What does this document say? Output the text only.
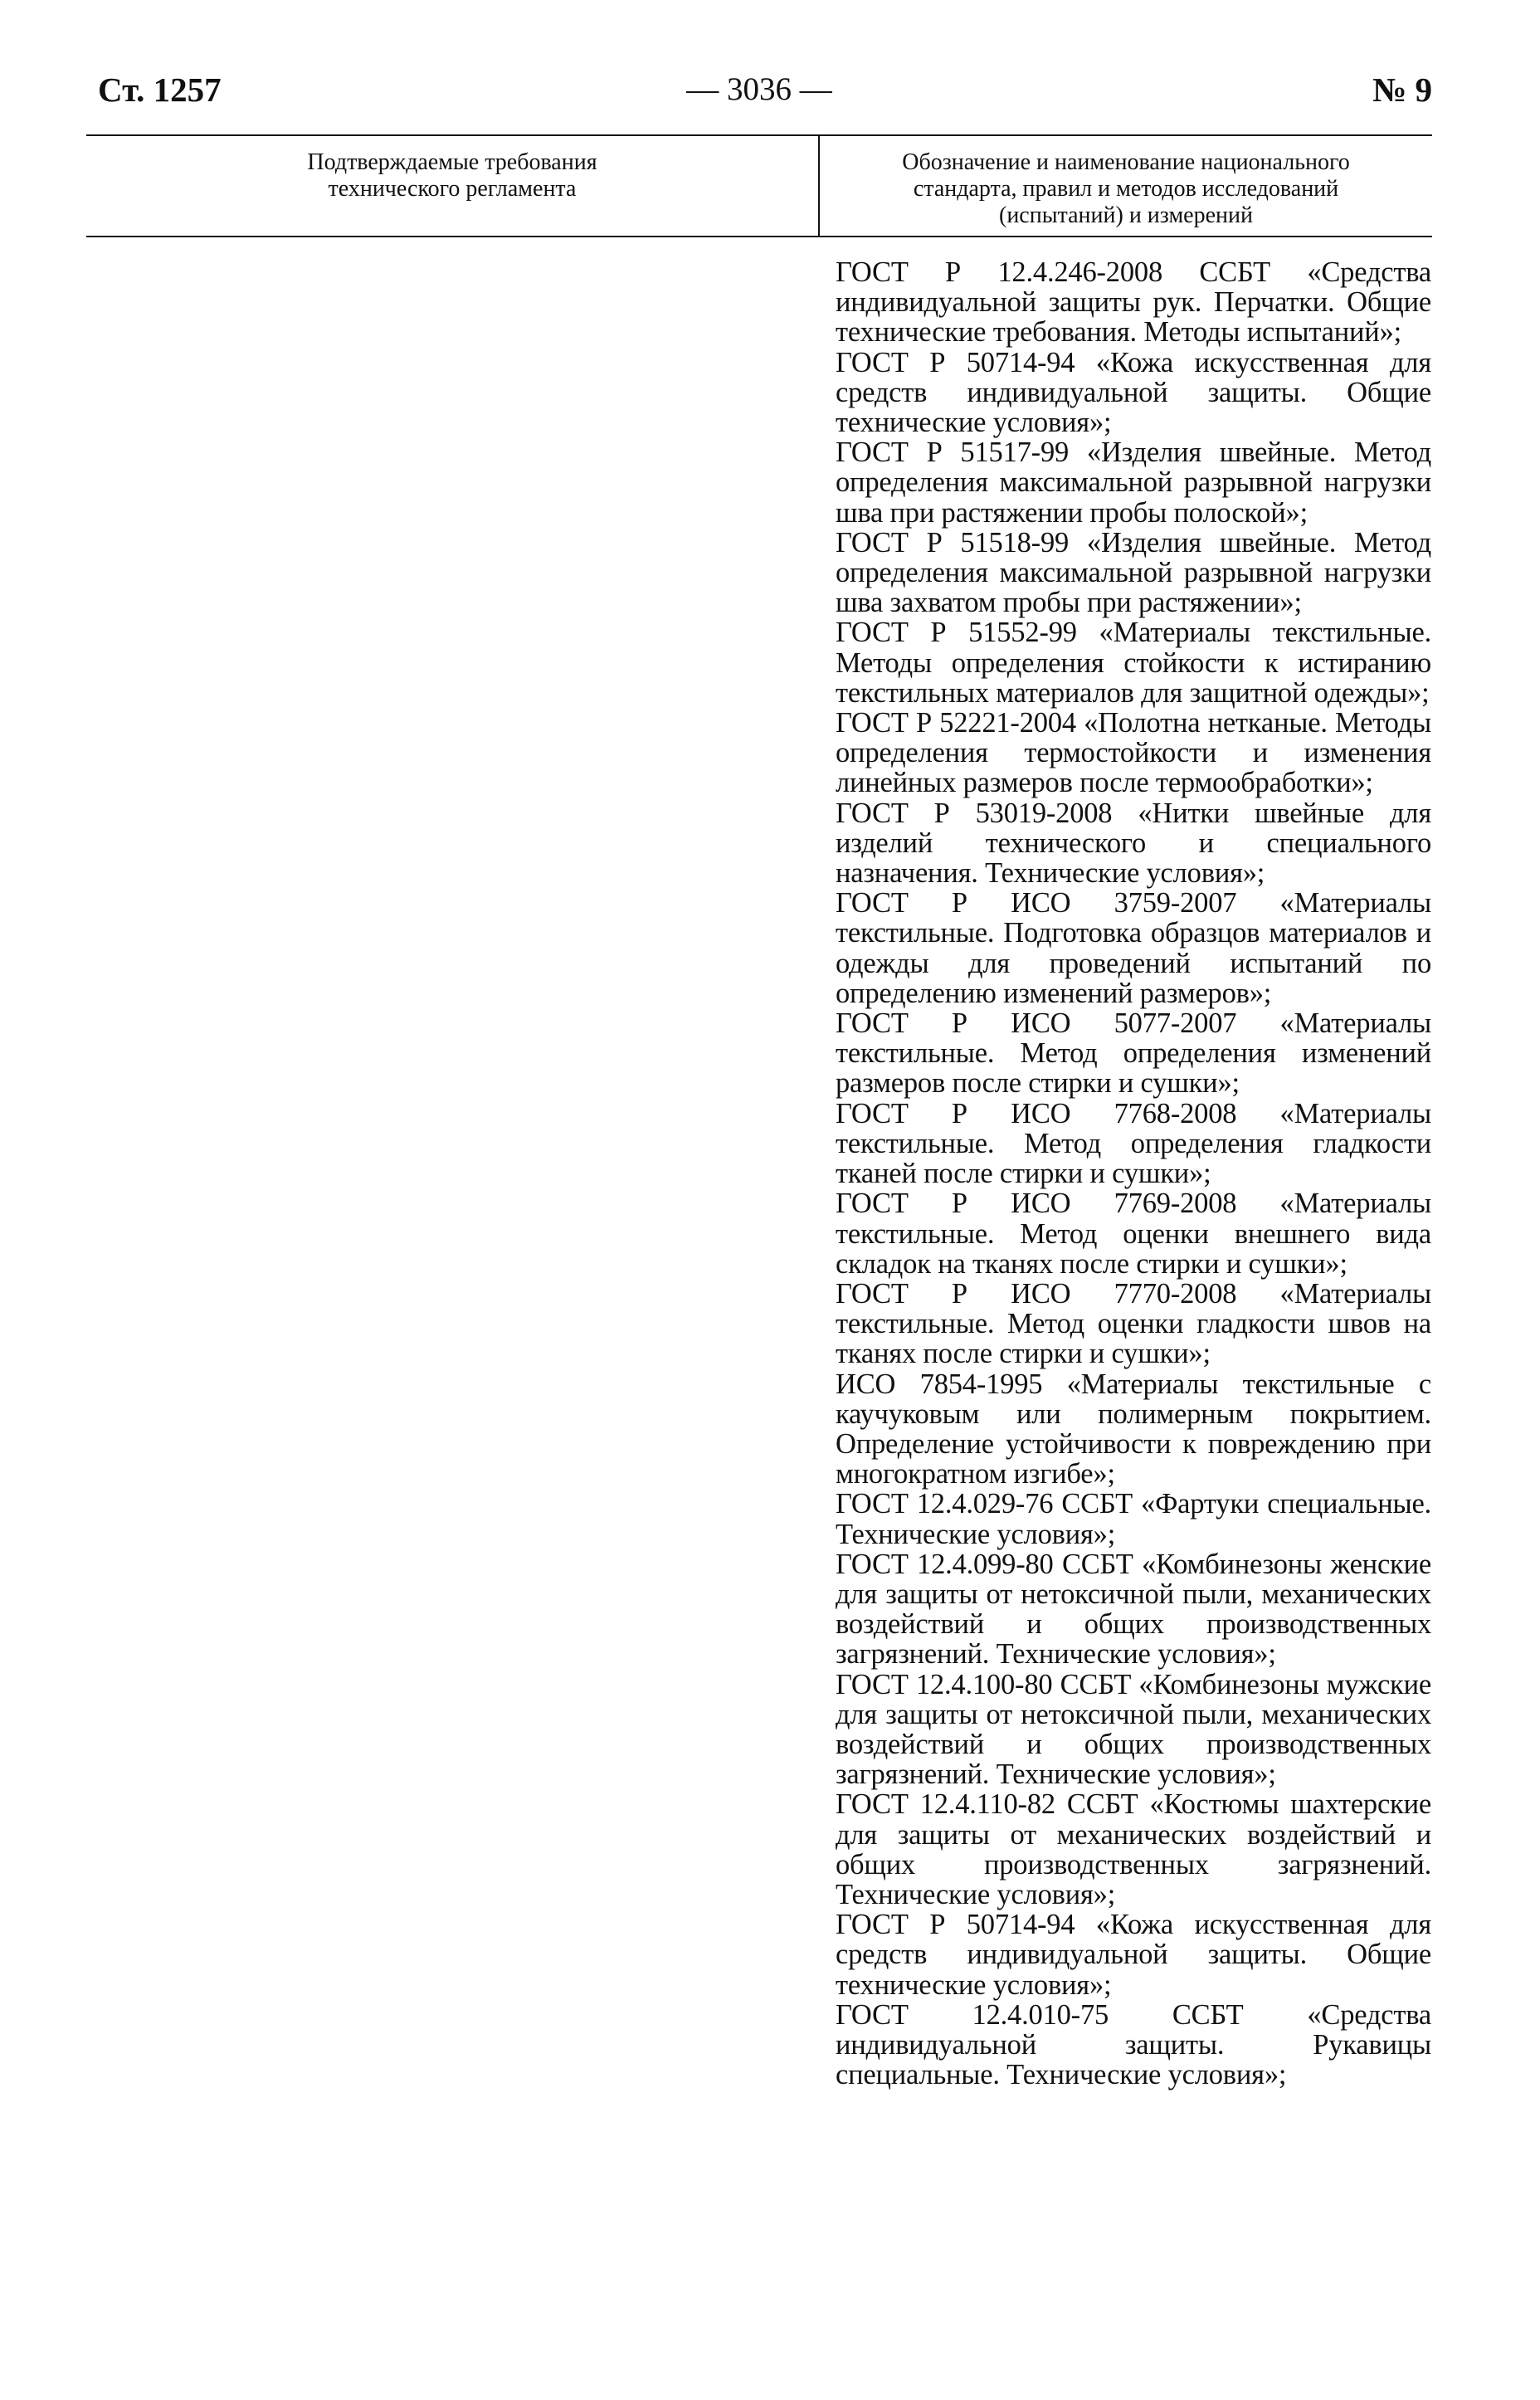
Ст. 1257	— 3036 —	№ 9
Подтверждаемые требования
технического регламента
Обозначение и наименование национального
стандарта, правил и методов исследований
(испытаний) и измерений
ГОСТ Р 12.4.246-2008 ССБТ «Средства индивидуальной защиты рук. Перчатки. Общие технические требования. Методы испытаний»;
ГОСТ Р 50714-94 «Кожа искусственная для средств индивидуальной защиты. Общие технические условия»;
ГОСТ Р 51517-99 «Изделия швейные. Метод определения максимальной разрывной нагрузки шва при растяжении пробы полоской»;
ГОСТ Р 51518-99 «Изделия швейные. Метод определения максимальной разрывной нагрузки шва захватом пробы при растяжении»;
ГОСТ Р 51552-99 «Материалы текстильные. Методы определения стойкости к истиранию текстильных материалов для защитной одежды»;
ГОСТ Р 52221-2004 «Полотна нетканые. Методы определения термостойкости и изменения линейных размеров после термообработки»;
ГОСТ Р 53019-2008 «Нитки швейные для изделий технического и специального назначения. Технические условия»;
ГОСТ Р ИСО 3759-2007 «Материалы текстильные. Подготовка образцов материалов и одежды для проведений испытаний по определению изменений размеров»;
ГОСТ Р ИСО 5077-2007 «Материалы текстильные. Метод определения изменений размеров после стирки и сушки»;
ГОСТ Р ИСО 7768-2008 «Материалы текстильные. Метод определения гладкости тканей после стирки и сушки»;
ГОСТ Р ИСО 7769-2008 «Материалы текстильные. Метод оценки внешнего вида складок на тканях после стирки и сушки»;
ГОСТ Р ИСО 7770-2008 «Материалы текстильные. Метод оценки гладкости швов на тканях после стирки и сушки»;
ИСО 7854-1995 «Материалы текстильные с каучуковым или полимерным покрытием. Определение устойчивости к повреждению при многократном изгибе»;
ГОСТ 12.4.029-76 ССБТ «Фартуки специальные. Технические условия»;
ГОСТ 12.4.099-80 ССБТ «Комбинезоны женские для защиты от нетоксичной пыли, механических воздействий и общих производственных загрязнений. Технические условия»;
ГОСТ 12.4.100-80 ССБТ «Комбинезоны мужские для защиты от нетоксичной пыли, механических воздействий и общих производственных загрязнений. Технические условия»;
ГОСТ 12.4.110-82 ССБТ «Костюмы шахтерские для защиты от механических воздействий и общих производственных загрязнений. Технические условия»;
ГОСТ Р 50714-94 «Кожа искусственная для средств индивидуальной защиты. Общие технические условия»;
ГОСТ 12.4.010-75 ССБТ «Средства индивидуальной защиты. Рукавицы специальные. Технические условия»;
